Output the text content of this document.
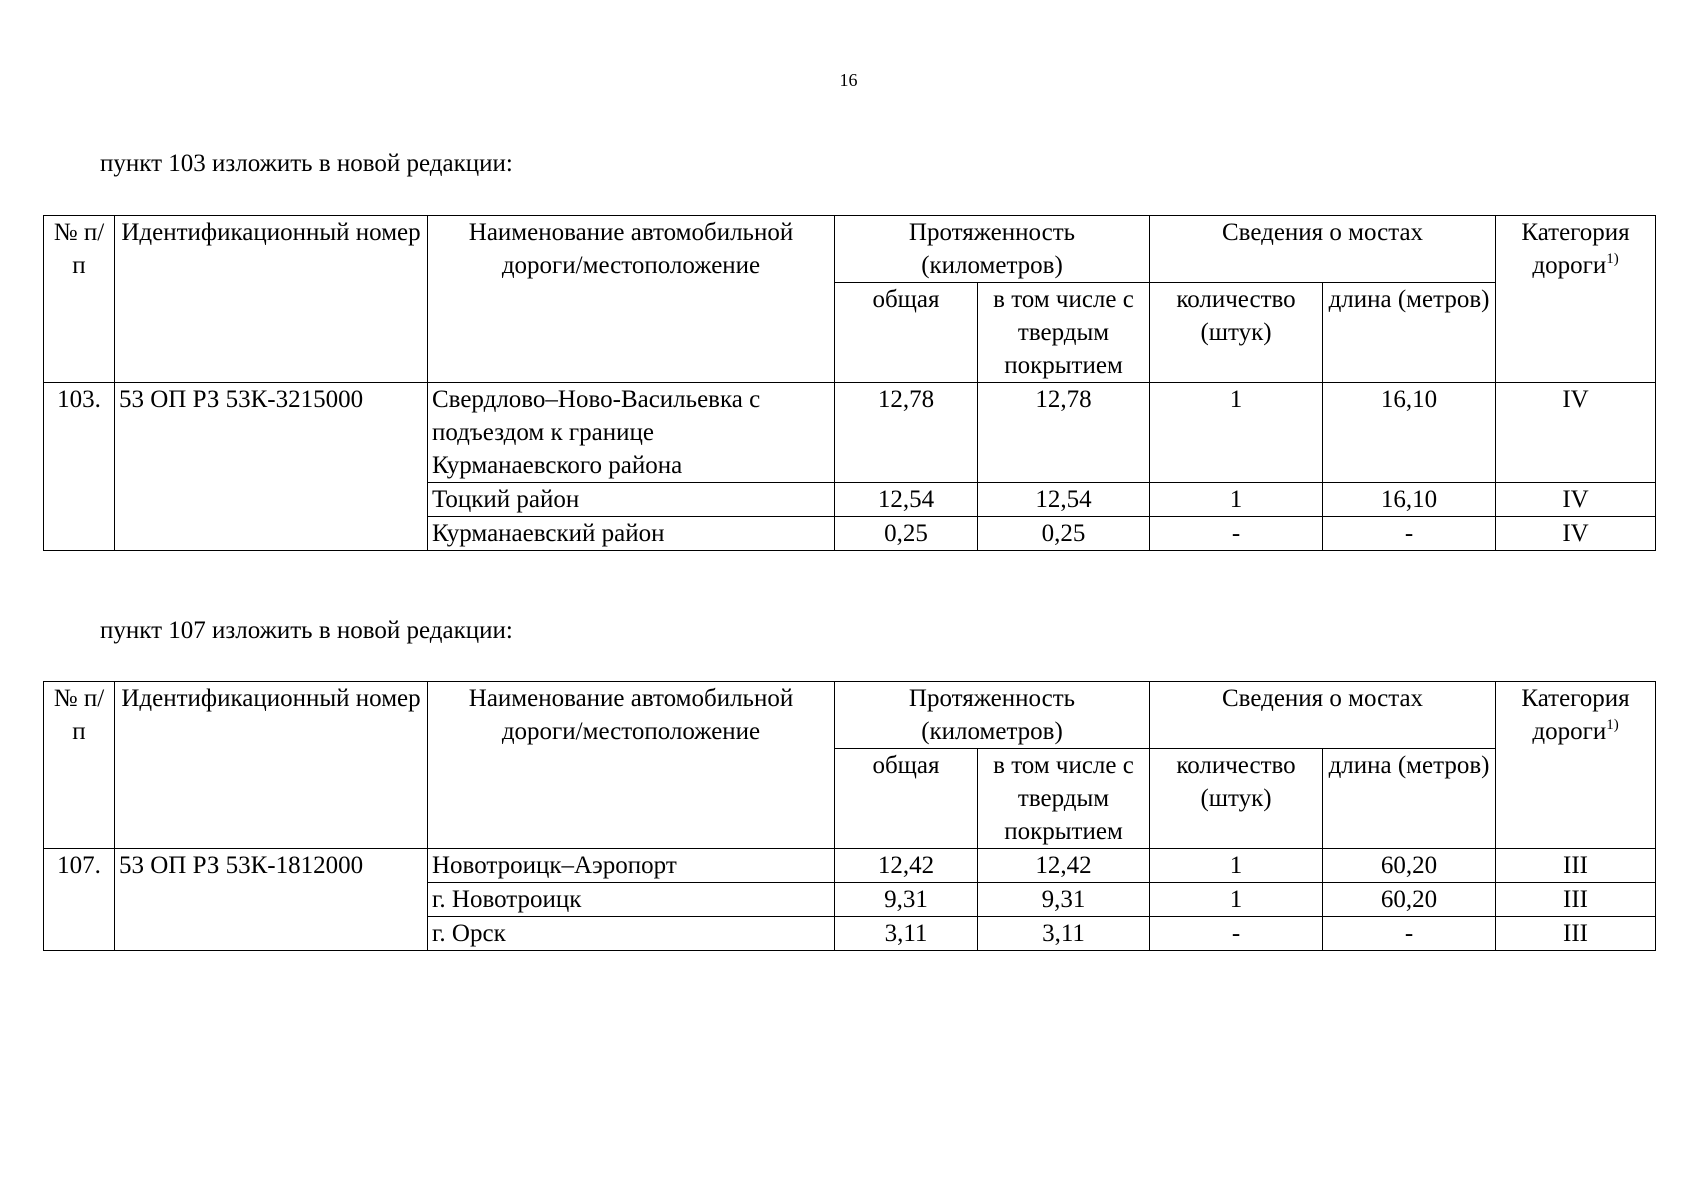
16
пункт 103 изложить в новой редакции:
№ п/п	Идентификационный номер	Наименование автомобильной дороги/местоположение	Протяженность (километров)		Сведения о мостах		Категория дороги$^{1)}$
			общая	в том числе с твердым покрытием	количество (штук)	длина (метров)	
103.	53 ОП РЗ 53К-3215000	Свердлово–Ново-Васильевка с подъездом к границе Курманаевского района	12,78	12,78	1	16,10	IV
		Тоцкий район	12,54	12,54	1	16,10	IV
		Курманаевский район	0,25	0,25	-	-	IV
пункт 107 изложить в новой редакции:
№ п/п	Идентификационный номер	Наименование автомобильной дороги/местоположение	Протяженность (километров)		Сведения о мостах		Категория дороги$^{1)}$
			общая	в том числе с твердым покрытием	количество (штук)	длина (метров)	
107.	53 ОП РЗ 53К-1812000	Новотроицк–Аэропорт	12,42	12,42	1	60,20	III
		г. Новотроицк	9,31	9,31	1	60,20	III
		г. Орск	3,11	3,11	-	-	III
